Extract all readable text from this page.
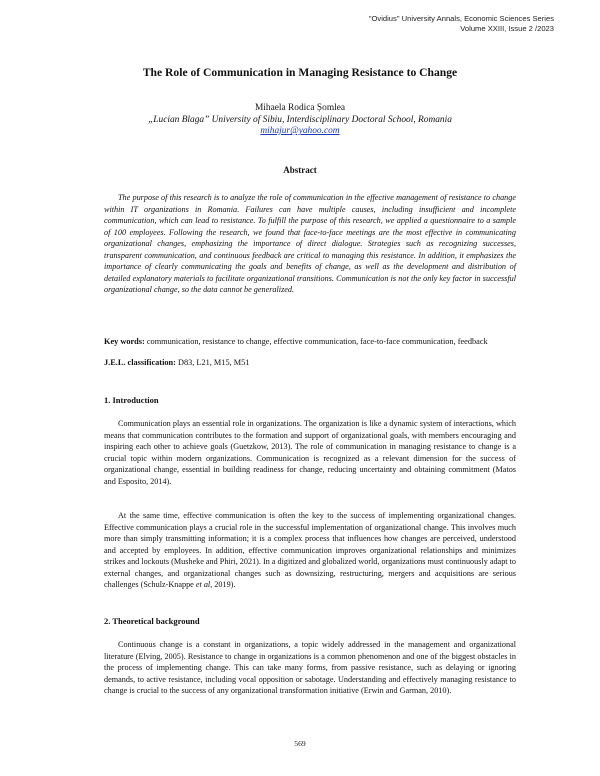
"Ovidius" University Annals, Economic Sciences Series
Volume XXIII, Issue 2 /2023
The Role of Communication in Managing Resistance to Change
Mihaela Rodica Șomlea
„Lucian Blaga” University of Sibiu, Interdisciplinary Doctoral School, Romania
mihajur@yahoo.com
Abstract

The purpose of this research is to analyze the role of communication in the effective management of resistance to change within IT organizations in Romania. Failures can have multiple causes, including insufficient and incomplete communication, which can lead to resistance. To fulfill the purpose of this research, we applied a questionnaire to a sample of 100 employees. Following the research, we found that face-to-face meetings are the most effective in communicating organizational changes, emphasizing the importance of direct dialogue. Strategies such as recognizing successes, transparent communication, and continuous feedback are critical to managing this resistance. In addition, it emphasizes the importance of clearly communicating the goals and benefits of change, as well as the development and distribution of detailed explanatory materials to facilitate organizational transitions. Communication is not the only key factor in successful organizational change, so the data cannot be generalized.

Key words: communication, resistance to change, effective communication, face-to-face communication, feedback

J.E.L. classification: D83, L21, M15, M51

1. Introduction

Communication plays an essential role in organizations. The organization is like a dynamic system of interactions, which means that communication contributes to the formation and support of organizational goals, with members encouraging and inspiring each other to achieve goals (Guetzkow, 2013). The role of communication in managing resistance to change is a crucial topic within modern organizations. Communication is recognized as a relevant dimension for the success of organizational change, essential in building readiness for change, reducing uncertainty and obtaining commitment (Matos and Esposito, 2014).

At the same time, effective communication is often the key to the success of implementing organizational changes. Effective communication plays a crucial role in the successful implementation of organizational change. This involves much more than simply transmitting information; it is a complex process that influences how changes are perceived, understood and accepted by employees. In addition, effective communication improves organizational relationships and minimizes strikes and lockouts (Musheke and Phiri, 2021). In a digitized and globalized world, organizations must continuously adapt to external changes, and organizational changes such as downsizing, restructuring, mergers and acquisitions are serious challenges (Schulz-Knappe et al, 2019).

2. Theoretical background

Continuous change is a constant in organizations, a topic widely addressed in the management and organizational literature (Elving, 2005). Resistance to change in organizations is a common phenomenon and one of the biggest obstacles in the process of implementing change. This can take many forms, from passive resistance, such as delaying or ignoring demands, to active resistance, including vocal opposition or sabotage. Understanding and effectively managing resistance to change is crucial to the success of any organizational transformation initiative (Erwin and Garman, 2010).

569
